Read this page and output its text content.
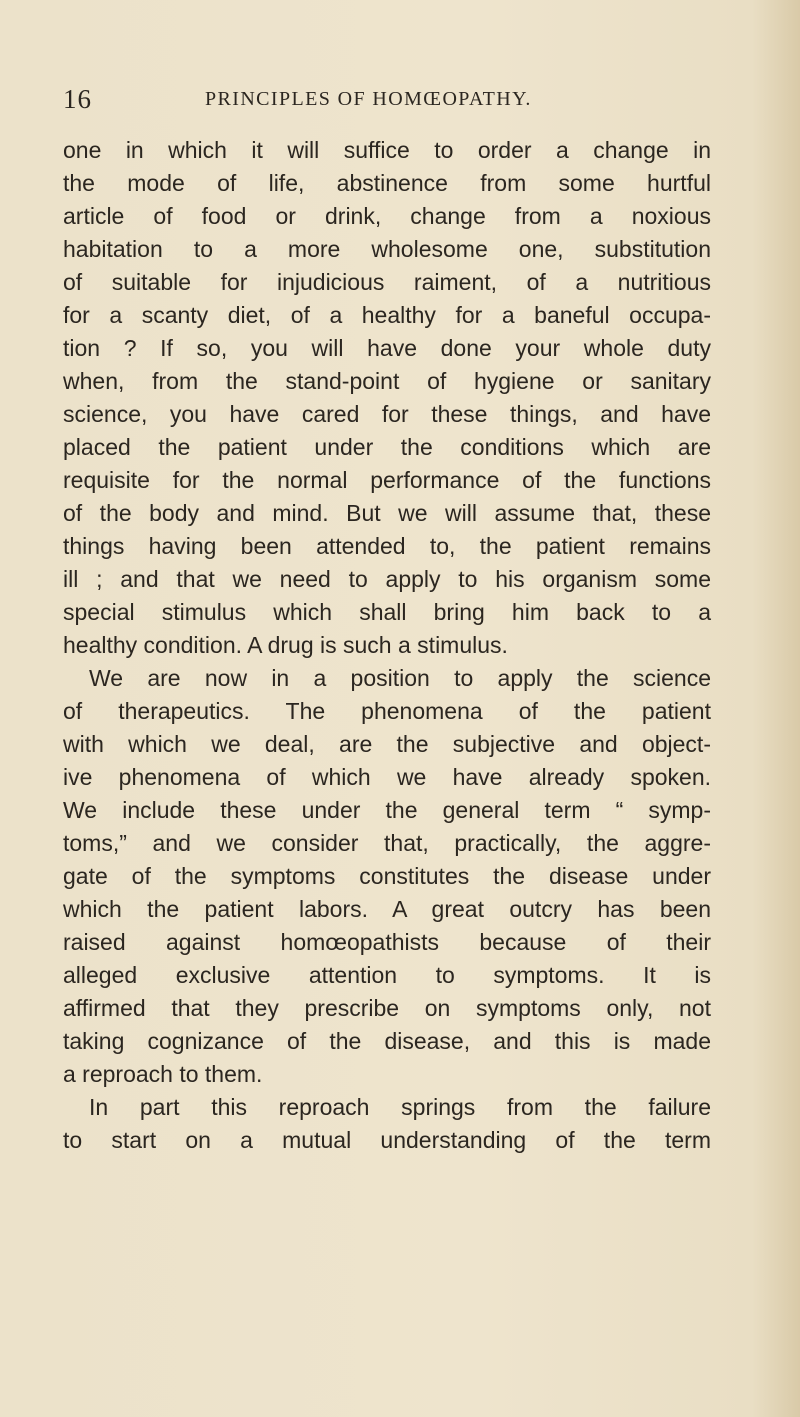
16	PRINCIPLES OF HOMŒOPATHY.
one in which it will suffice to order a change in
the mode of life, abstinence from some hurtful
article of food or drink, change from a noxious
habitation to a more wholesome one, substitution
of suitable for injudicious raiment, of a nutritious
for a scanty diet, of a healthy for a baneful occupa-
tion ? If so, you will have done your whole duty
when, from the stand-point of hygiene or sanitary
science, you have cared for these things, and have
placed the patient under the conditions which are
requisite for the normal performance of the functions
of the body and mind. But we will assume that, these
things having been attended to, the patient remains
ill ; and that we need to apply to his organism some
special stimulus which shall bring him back to a
healthy condition. A drug is such a stimulus.
We are now in a position to apply the science
of therapeutics. The phenomena of the patient
with which we deal, are the subjective and object-
ive phenomena of which we have already spoken.
We include these under the general term “ symp-
toms,” and we consider that, practically, the aggre-
gate of the symptoms constitutes the disease under
which the patient labors. A great outcry has been
raised against homœopathists because of their
alleged exclusive attention to symptoms. It is
affirmed that they prescribe on symptoms only, not
taking cognizance of the disease, and this is made
a reproach to them.
In part this reproach springs from the failure
to start on a mutual understanding of the term
